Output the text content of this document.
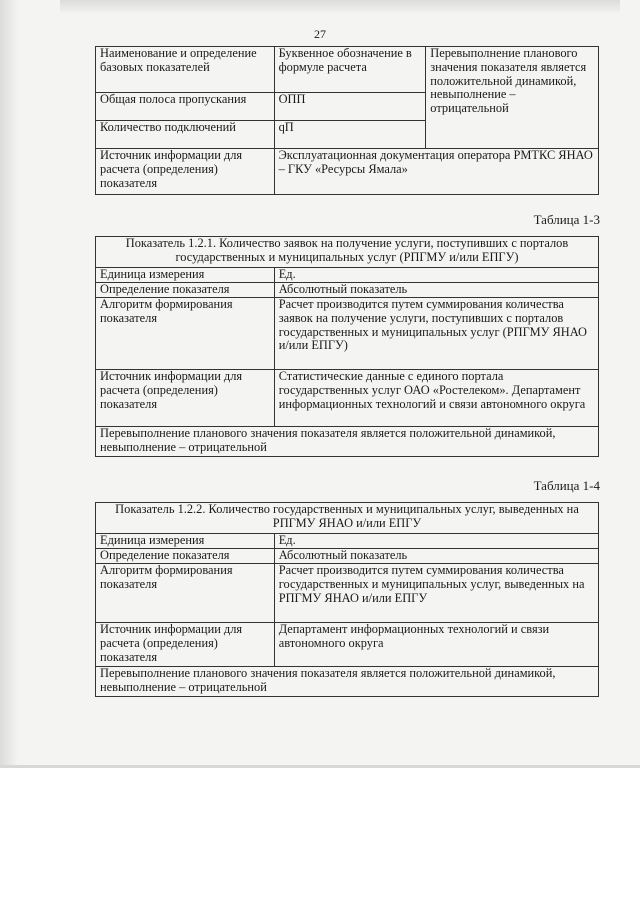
27
Наименование и определение базовых показателей	Буквенное обозначение в формуле расчета	Перевыполнение планового значения показателя является положительной динамикой, невыполнение – отрицательной
Общая полоса пропускания	ОПП	
Количество подключений	qП	
Источник информации для расчета (определения) показателя	Эксплуатационная документация оператора РМТКС ЯНАО – ГКУ «Ресурсы Ямала»	
Таблица 1-3
Показатель 1.2.1. Количество заявок на получение услуги, поступивших с порталов государственных и муниципальных услуг (РПГМУ и/или ЕПГУ)	
Единица измерения	Ед.
Определение показателя	Абсолютный показатель
Алгоритм формирования показателя	Расчет производится путем суммирования количества заявок на получение услуги, поступивших с порталов государственных и муниципальных услуг (РПГМУ ЯНАО и/или ЕПГУ)
Источник информации для расчета (определения) показателя	Статистические данные с единого портала государственных услуг ОАО «Ростелеком». Департамент информационных технологий и связи автономного округа
Перевыполнение планового значения показателя является положительной динамикой, невыполнение – отрицательной	
Таблица 1-4
Показатель 1.2.2. Количество государственных и муниципальных услуг, выведенных на РПГМУ ЯНАО и/или ЕПГУ	
Единица измерения	Ед.
Определение показателя	Абсолютный показатель
Алгоритм формирования показателя	Расчет производится путем суммирования количества государственных и муниципальных услуг, выведенных на РПГМУ ЯНАО и/или ЕПГУ
Источник информации для расчета (определения) показателя	Департамент информационных технологий и связи автономного округа
Перевыполнение планового значения показателя является положительной динамикой, невыполнение – отрицательной	
